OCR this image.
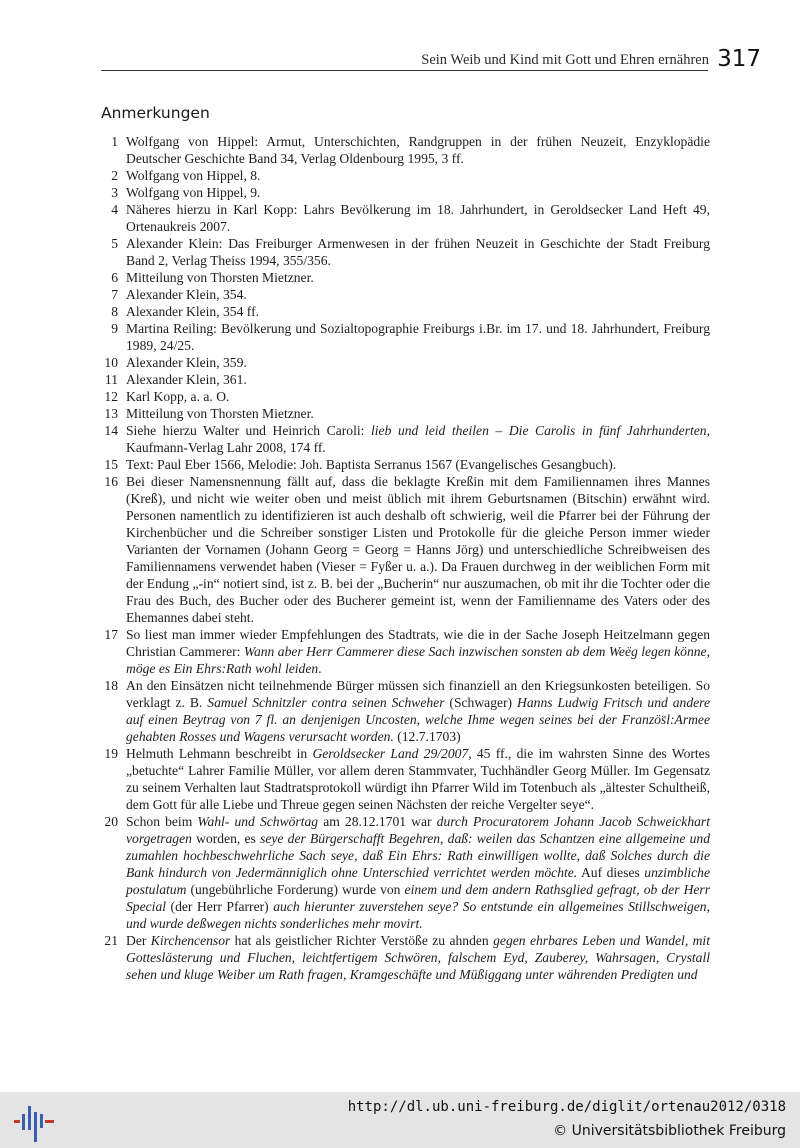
Sein Weib und Kind mit Gott und Ehren ernähren 317
Anmerkungen
1 Wolfgang von Hippel: Armut, Unterschichten, Randgruppen in der frühen Neuzeit, Enzyklopädie Deutscher Geschichte Band 34, Verlag Oldenbourg 1995, 3 ff.
2 Wolfgang von Hippel, 8.
3 Wolfgang von Hippel, 9.
4 Näheres hierzu in Karl Kopp: Lahrs Bevölkerung im 18. Jahrhundert, in Geroldsecker Land Heft 49, Ortenaukreis 2007.
5 Alexander Klein: Das Freiburger Armenwesen in der frühen Neuzeit in Geschichte der Stadt Freiburg Band 2, Verlag Theiss 1994, 355/356.
6 Mitteilung von Thorsten Mietzner.
7 Alexander Klein, 354.
8 Alexander Klein, 354 ff.
9 Martina Reiling: Bevölkerung und Sozialtopographie Freiburgs i.Br. im 17. und 18. Jahrhundert, Freiburg 1989, 24/25.
10 Alexander Klein, 359.
11 Alexander Klein, 361.
12 Karl Kopp, a. a. O.
13 Mitteilung von Thorsten Mietzner.
14 Siehe hierzu Walter und Heinrich Caroli: lieb und leid theilen – Die Carolis in fünf Jahrhunderten, Kaufmann-Verlag Lahr 2008, 174 ff.
15 Text: Paul Eber 1566, Melodie: Joh. Baptista Serranus 1567 (Evangelisches Gesangbuch).
16 Bei dieser Namensnennung fällt auf, dass die beklagte Kreßin mit dem Familiennamen ihres Mannes (Kreß), und nicht wie weiter oben und meist üblich mit ihrem Geburtsnamen (Bitschin) erwähnt wird. Personen namentlich zu identifizieren ist auch deshalb oft schwierig, weil die Pfarrer bei der Führung der Kirchenbücher und die Schreiber sonstiger Listen und Protokolle für die gleiche Person immer wieder Varianten der Vornamen (Johann Georg = Georg = Hanns Jörg) und unterschiedliche Schreibweisen des Familiennamens verwendet haben (Vieser = Fyßer u. a.). Da Frauen durchweg in der weiblichen Form mit der Endung „-in“ notiert sind, ist z. B. bei der „Bucherin“ nur auszumachen, ob mit ihr die Tochter oder die Frau des Buch, des Bucher oder des Bucherer gemeint ist, wenn der Familienname des Vaters oder des Ehemannes dabei steht.
17 So liest man immer wieder Empfehlungen des Stadtrats, wie die in der Sache Joseph Heitzelmann gegen Christian Cammerer: Wann aber Herr Cammerer diese Sach inzwischen sonsten ab dem Weëg legen könne, möge es Ein Ehrs:Rath wohl leiden.
18 An den Einsätzen nicht teilnehmende Bürger müssen sich finanziell an den Kriegsunkosten beteiligen. So verklagt z. B. Samuel Schnitzler contra seinen Schweher (Schwager) Hanns Ludwig Fritsch und andere auf einen Beytrag von 7 fl. an denjenigen Uncosten, welche Ihme wegen seines bei der Französ̈l:Armee gehabten Rosses und Wagens verursacht worden. (12.7.1703)
19 Helmuth Lehmann beschreibt in Geroldsecker Land 29/2007, 45 ff., die im wahrsten Sinne des Wortes „betuchte“ Lahrer Familie Müller, vor allem deren Stammvater, Tuchhändler Georg Müller. Im Gegensatz zu seinem Verhalten laut Stadtratsprotokoll würdigt ihn Pfarrer Wild im Totenbuch als „ältester Schultheiß, dem Gott für alle Liebe und Threue gegen seinen Nächsten der reiche Vergelter seye“.
20 Schon beim Wahl- und Schwörtag am 28.12.1701 war durch Procuratorem Johann Jacob Schweickhart vorgetragen worden, es seye der Bürgerschafft Begehren, daß: weilen das Schantzen eine allgemeine und zumahlen hochbeschwehrliche Sach seye, daß Ein Ehrs: Rath einwilligen wollte, daß Solches durch die Bank hindurch von Jedermänniglich ohne Unterschied verrichtet werden möchte. Auf dieses unzimbliche postulatum (ungebührliche Forderung) wurde von einem und dem andern Rathsglied gefragt, ob der Herr Special (der Herr Pfarrer) auch hierunter zuverstehen seye? So entstunde ein allgemeines Stillschweigen, und wurde deßwegen nichts sonderliches mehr movirt.
21 Der Kirchencensor hat als geistlicher Richter Verstöße zu ahnden gegen ehrbares Leben und Wandel, mit Gotteslästerung und Fluchen, leichtfertigem Schwören, falschem Eyd, Zauberey, Wahrsagen, Crystall sehen und kluge Weiber um Rath fragen, Kramgeschäfte und Müßiggang unter währenden Predigten und
http://dl.ub.uni-freiburg.de/diglit/ortenau2012/0318
© Universitätsbibliothek Freiburg
